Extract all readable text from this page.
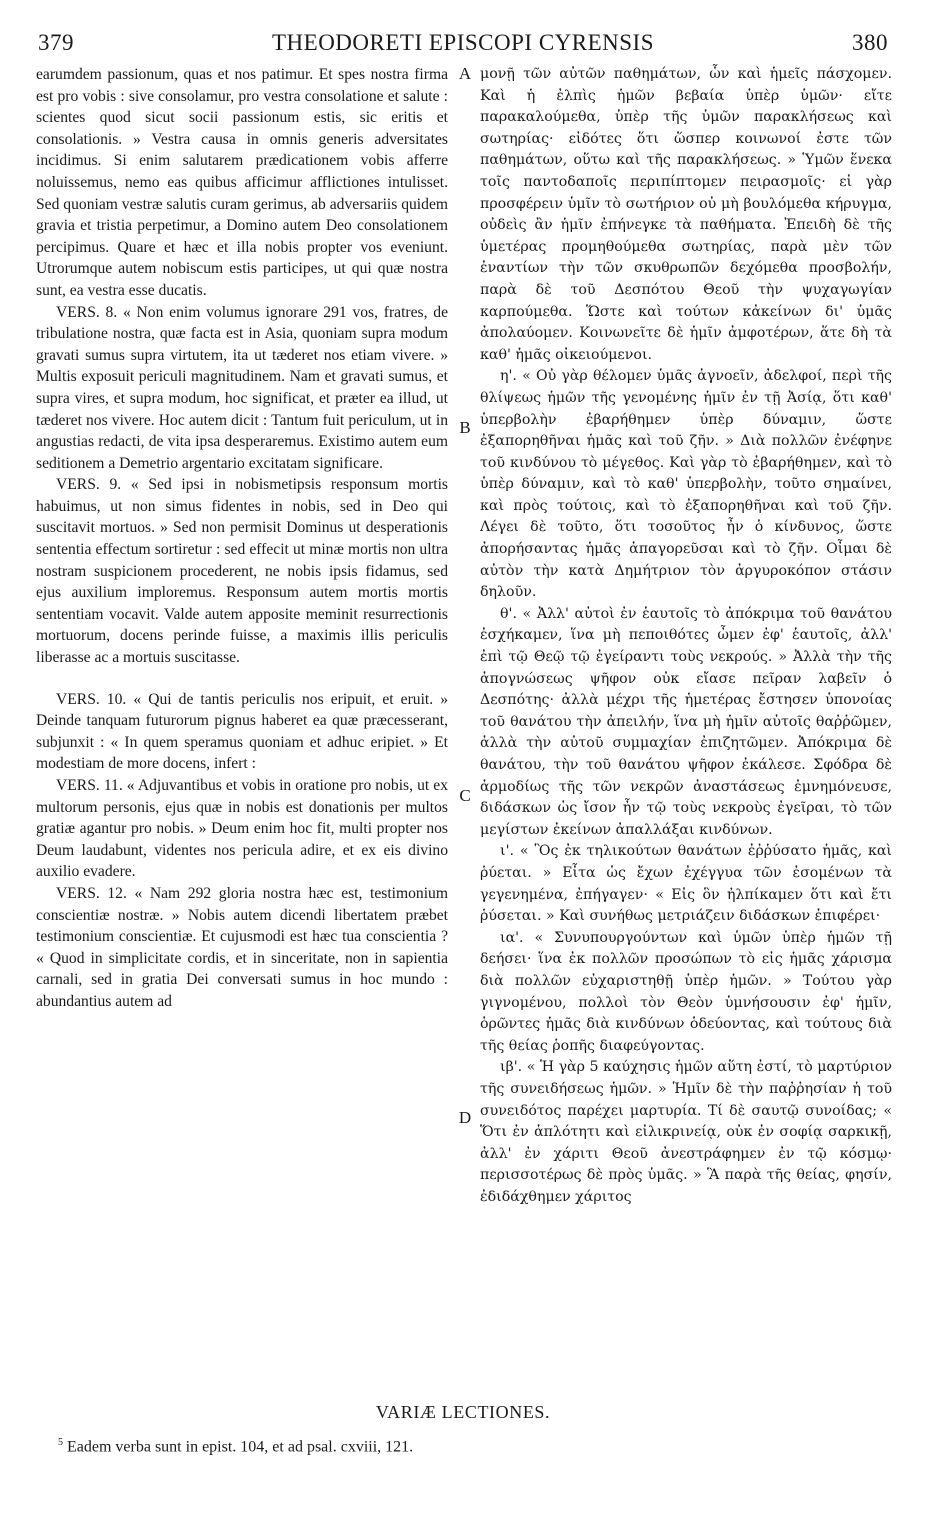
379	THEODORETI EPISCOPI CYRENSIS	380

earumdem passionum, quas et nos patimur. Et spes nostra firma est pro vobis : sive consolamur, pro vestra consolatione et salute : scientes quod sicut socii passionum estis, sic eritis et consolationis. » Vestra causa in omnis generis adversitates incidimus. Si enim salutarem prædicationem vobis afferre noluissemus, nemo eas quibus afficimur afflictiones intulisset. Sed quoniam vestræ salutis curam gerimus, ab adversariis quidem gravia et tristia perpetimur, a Domino autem Deo consolationem percipimus. Quare et hæc et illa nobis propter vos eveniunt. Utrorumque autem nobiscum estis participes, ut qui quæ nostra sunt, ea vestra esse ducatis.

VERS. 8. « Non enim volumus ignorare 291 vos, fratres, de tribulatione nostra, quæ facta est in Asia, quoniam supra modum gravati sumus supra virtutem, ita ut tæderet nos etiam vivere. » Multis exposuit periculi magnitudinem. Nam et gravati sumus, et supra vires, et supra modum, hoc significat, et præter ea illud, ut tæderet nos vivere. Hoc autem dicit : Tantum fuit periculum, ut in angustias redacti, de vita ipsa desperaremus. Existimo autem eum seditionem a Demetrio argentario excitatam significare.

VERS. 9. « Sed ipsi in nobismetipsis responsum mortis habuimus, ut non simus fidentes in nobis, sed in Deo qui suscitavit mortuos. » Sed non permisit Dominus ut desperationis sententia effectum sortiretur : sed effecit ut minæ mortis non ultra nostram suspicionem procederent, ne nobis ipsis fidamus, sed ejus auxilium imploremus. Responsum autem mortis mortis sententiam vocavit. Valde autem apposite meminit resurrectionis mortuorum, docens perinde fuisse, a maximis illis periculis liberasse ac a mortuis suscitasse.

VERS. 10. « Qui de tantis periculis nos eripuit, et eruit. » Deinde tanquam futurorum pignus haberet ea quæ præcesserant, subjunxit : « In quem speramus quoniam et adhuc eripiet. » Et modestiam de more docens, infert :

VERS. 11. « Adjuvantibus et vobis in oratione pro nobis, ut ex multorum personis, ejus quæ in nobis est donationis per multos gratiæ agantur pro nobis. » Deum enim hoc fit, multi propter nos Deum laudabunt, videntes nos pericula adire, et ex eis divino auxilio evadere.

VERS. 12. « Nam 292 gloria nostra hæc est, testimonium conscientiæ nostræ. » Nobis autem dicendi libertatem præbet testimonium conscientiæ. Et cujusmodi est hæc tua conscientia ? « Quod in simplicitate cordis, et in sinceritate, non in sapientia carnali, sed in gratia Dei conversati sumus in hoc mundo : abundantius autem ad

A
B
C
D

μονῇ τῶν αὐτῶν παθημάτων, ὧν καὶ ἡμεῖς πάσχομεν. Καὶ ἡ ἐλπὶς ἡμῶν βεβαία ὑπὲρ ὑμῶν· εἴτε παρακαλούμεθα, ὑπὲρ τῆς ὑμῶν παρακλήσεως καὶ σωτηρίας· εἰδότες ὅτι ὥσπερ κοινωνοί ἐστε τῶν παθημάτων, οὕτω καὶ τῆς παρακλήσεως. » Ὑμῶν ἕνεκα τοῖς παντοδαποῖς περιπίπτομεν πειρασμοῖς· εἰ γὰρ προσφέρειν ὑμῖν τὸ σωτήριον οὐ μὴ βουλόμεθα κήρυγμα, οὐδεὶς ἂν ἡμῖν ἐπήνεγκε τὰ παθήματα. Ἐπειδὴ δὲ τῆς ὑμετέρας προμηθούμεθα σωτηρίας, παρὰ μὲν τῶν ἐναντίων τὴν τῶν σκυθρωπῶν δεχόμεθα προσβολήν, παρὰ δὲ τοῦ Δεσπότου Θεοῦ τὴν ψυχαγωγίαν καρπούμεθα. Ὥστε καὶ τούτων κἀκείνων δι' ὑμᾶς ἀπολαύομεν. Κοινωνεῖτε δὲ ἡμῖν ἀμφοτέρων, ἅτε δὴ τὰ καθ' ἡμᾶς οἰκειούμενοι.

η'. « Οὐ γὰρ θέλομεν ὑμᾶς ἀγνοεῖν, ἀδελφοί, περὶ τῆς θλίψεως ἡμῶν τῆς γενομένης ἡμῖν ἐν τῇ Ἀσίᾳ, ὅτι καθ' ὑπερβολὴν ἐβαρήθημεν ὑπὲρ δύναμιν, ὥστε ἐξαπορηθῆναι ἡμᾶς καὶ τοῦ ζῆν. » Διὰ πολλῶν ἐνέφηνε τοῦ κινδύνου τὸ μέγεθος. Καὶ γὰρ τὸ ἐβαρήθημεν, καὶ τὸ ὑπὲρ δύναμιν, καὶ τὸ καθ' ὑπερβολὴν, τοῦτο σημαίνει, καὶ πρὸς τούτοις, καὶ τὸ ἐξαπορηθῆναι καὶ τοῦ ζῆν. Λέγει δὲ τοῦτο, ὅτι τοσοῦτος ἦν ὁ κίνδυνος, ὥστε ἀπορήσαντας ἡμᾶς ἀπαγορεῦσαι καὶ τὸ ζῆν. Οἶμαι δὲ αὐτὸν τὴν κατὰ Δημήτριον τὸν ἀργυροκόπον στάσιν δηλοῦν.

θ'. « Ἀλλ' αὐτοὶ ἐν ἑαυτοῖς τὸ ἀπόκριμα τοῦ θανάτου ἐσχήκαμεν, ἵνα μὴ πεποιθότες ὦμεν ἐφ' ἑαυτοῖς, ἀλλ' ἐπὶ τῷ Θεῷ τῷ ἐγείραντι τοὺς νεκρούς. » Ἀλλὰ τὴν τῆς ἀπογνώσεως ψῆφον οὐκ εἴασε πεῖραν λαβεῖν ὁ Δεσπότης· ἀλλὰ μέχρι τῆς ἡμετέρας ἔστησεν ὑπονοίας τοῦ θανάτου τὴν ἀπειλήν, ἵνα μὴ ἡμῖν αὐτοῖς θαῤῥῶμεν, ἀλλὰ τὴν αὐτοῦ συμμαχίαν ἐπιζητῶμεν. Ἀπόκριμα δὲ θανάτου, τὴν τοῦ θανάτου ψῆφον ἐκάλεσε. Σφόδρα δὲ ἁρμοδίως τῆς τῶν νεκρῶν ἀναστάσεως ἐμνημόνευσε, διδάσκων ὡς ἴσον ἦν τῷ τοὺς νεκροὺς ἐγεῖραι, τὸ τῶν μεγίστων ἐκείνων ἀπαλλάξαι κινδύνων.

ι'. « Ὃς ἐκ τηλικούτων θανάτων ἐῤῥύσατο ἡμᾶς, καὶ ῥύεται. » Εἶτα ὡς ἔχων ἐχέγγυα τῶν ἐσομένων τὰ γεγενημένα, ἐπήγαγεν· « Εἰς ὃν ἠλπίκαμεν ὅτι καὶ ἔτι ῥύσεται. » Καὶ συνήθως μετριάζειν διδάσκων ἐπιφέρει·

ια'. « Συνυπουργούντων καὶ ὑμῶν ὑπὲρ ἡμῶν τῇ δεήσει· ἵνα ἐκ πολλῶν προσώπων τὸ εἰς ἡμᾶς χάρισμα διὰ πολλῶν εὐχαριστηθῇ ὑπὲρ ἡμῶν. » Τούτου γὰρ γιγνομένου, πολλοὶ τὸν Θεὸν ὑμνήσουσιν ἐφ' ἡμῖν, ὁρῶντες ἡμᾶς διὰ κινδύνων ὁδεύοντας, καὶ τούτους διὰ τῆς θείας ῥοπῆς διαφεύγοντας.

ιβ'. « Ἡ γὰρ 5 καύχησις ἡμῶν αὕτη ἐστί, τὸ μαρτύριον τῆς συνειδήσεως ἡμῶν. » Ἡμῖν δὲ τὴν παῤῥησίαν ἡ τοῦ συνειδότος παρέχει μαρτυρία. Τί δὲ σαυτῷ συνοίδας; « Ὅτι ἐν ἁπλότητι καὶ εἰλικρινείᾳ, οὐκ ἐν σοφίᾳ σαρκικῇ, ἀλλ' ἐν χάριτι Θεοῦ ἀνεστράφημεν ἐν τῷ κόσμῳ· περισσοτέρως δὲ πρὸς ὑμᾶς. » Ἃ παρὰ τῆς θείας, φησίν, ἐδιδάχθημεν χάριτος

VARIÆ LECTIONES.
$^5$ Eadem verba sunt in epist. 104, et ad psal. cxviii, 121.
